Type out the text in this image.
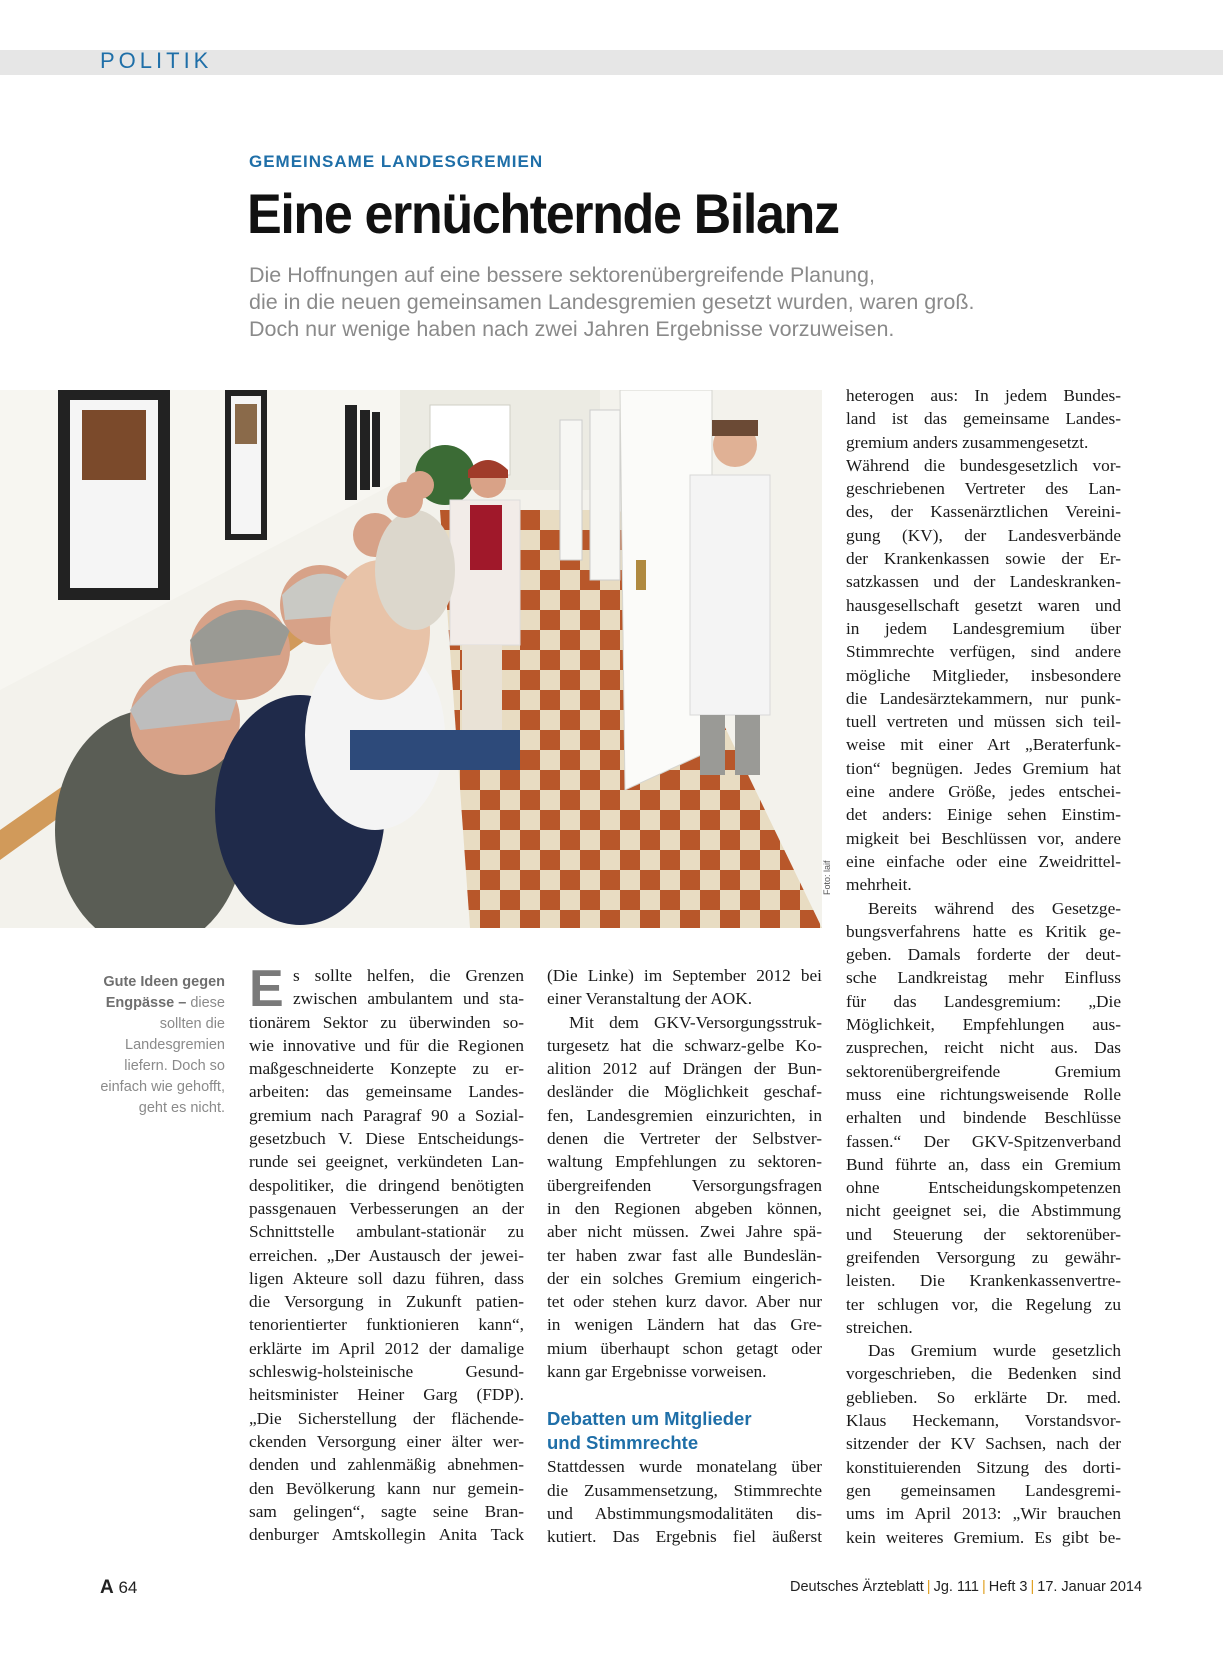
POLITIK
GEMEINSAME LANDESGREMIEN
Eine ernüchternde Bilanz
Die Hoffnungen auf eine bessere sektorenübergreifende Planung,
die in die neuen gemeinsamen Landesgremien gesetzt wurden, waren groß.
Doch nur wenige haben nach zwei Jahren Ergebnisse vorzuweisen.
Foto: laif
Gute Ideen gegen Engpässe – diese sollten die Landesgremien liefern. Doch so einfach wie gehofft, geht es nicht.
E s sollte helfen, die Grenzen
zwischen ambulantem und sta-
tionärem Sektor zu überwinden so-
wie innovative und für die Regionen
maßgeschneiderte Konzepte zu er-
arbeiten: das gemeinsame Landes-
gremium nach Paragraf 90 a Sozial-
gesetzbuch V. Diese Entscheidungs-
runde sei geeignet, verkündeten Lan-
despolitiker, die dringend benötigten
passgenauen Verbesserungen an der
Schnittstelle ambulant-stationär zu
erreichen. „Der Austausch der jewei-
ligen Akteure soll dazu führen, dass
die Versorgung in Zukunft patien-
tenorientierter funktionieren kann“,
erklärte im April 2012 der damalige
schleswig-holsteinische Gesund-
heitsminister Heiner Garg (FDP).
„Die Sicherstellung der flächende-
ckenden Versorgung einer älter wer-
denden und zahlenmäßig abnehmen-
den Bevölkerung kann nur gemein-
sam gelingen“, sagte seine Bran-
denburger Amtskollegin Anita Tack
(Die Linke) im September 2012 bei
einer Veranstaltung der AOK.
Mit dem GKV-Versorgungsstruk-
turgesetz hat die schwarz-gelbe Ko-
alition 2012 auf Drängen der Bun-
desländer die Möglichkeit geschaf-
fen, Landesgremien einzurichten, in
denen die Vertreter der Selbstver-
waltung Empfehlungen zu sektoren-
übergreifenden Versorgungsfragen
in den Regionen abgeben können,
aber nicht müssen. Zwei Jahre spä-
ter haben zwar fast alle Bundeslän-
der ein solches Gremium eingerich-
tet oder stehen kurz davor. Aber nur
in wenigen Ländern hat das Gre-
mium überhaupt schon getagt oder
kann gar Ergebnisse vorweisen.
Debatten um Mitglieder
und Stimmrechte
Stattdessen wurde monatelang über
die Zusammensetzung, Stimmrechte
und Abstimmungsmodalitäten dis-
kutiert. Das Ergebnis fiel äußerst
heterogen aus: In jedem Bundes-
land ist das gemeinsame Landes-
gremium anders zusammengesetzt.
Während die bundesgesetzlich vor-
geschriebenen Vertreter des Lan-
des, der Kassenärztlichen Vereini-
gung (KV), der Landesverbände
der Krankenkassen sowie der Er-
satzkassen und der Landeskranken-
hausgesellschaft gesetzt waren und
in jedem Landesgremium über
Stimmrechte verfügen, sind andere
mögliche Mitglieder, insbesondere
die Landesärztekammern, nur punk-
tuell vertreten und müssen sich teil-
weise mit einer Art „Beraterfunk-
tion“ begnügen. Jedes Gremium hat
eine andere Größe, jedes entschei-
det anders: Einige sehen Einstim-
migkeit bei Beschlüssen vor, andere
eine einfache oder eine Zweidrittel-
mehrheit.
Bereits während des Gesetzge-
bungsverfahrens hatte es Kritik ge-
geben. Damals forderte der deut-
sche Landkreistag mehr Einfluss
für das Landesgremium: „Die
Möglichkeit, Empfehlungen aus-
zusprechen, reicht nicht aus. Das
sektorenübergreifende Gremium
muss eine richtungsweisende Rolle
erhalten und bindende Beschlüsse
fassen.“ Der GKV-Spitzenverband
Bund führte an, dass ein Gremium
ohne Entscheidungskompetenzen
nicht geeignet sei, die Abstimmung
und Steuerung der sektorenüber-
greifenden Versorgung zu gewähr-
leisten. Die Krankenkassenvertre-
ter schlugen vor, die Regelung zu
streichen.
Das Gremium wurde gesetzlich
vorgeschrieben, die Bedenken sind
geblieben. So erklärte Dr. med.
Klaus Heckemann, Vorstandsvor-
sitzender der KV Sachsen, nach der
konstituierenden Sitzung des dorti-
gen gemeinsamen Landesgremi-
ums im April 2013: „Wir brauchen
kein weiteres Gremium. Es gibt be-
A 64	Deutsches Ärzteblatt | Jg. 111 | Heft 3 | 17. Januar 2014
